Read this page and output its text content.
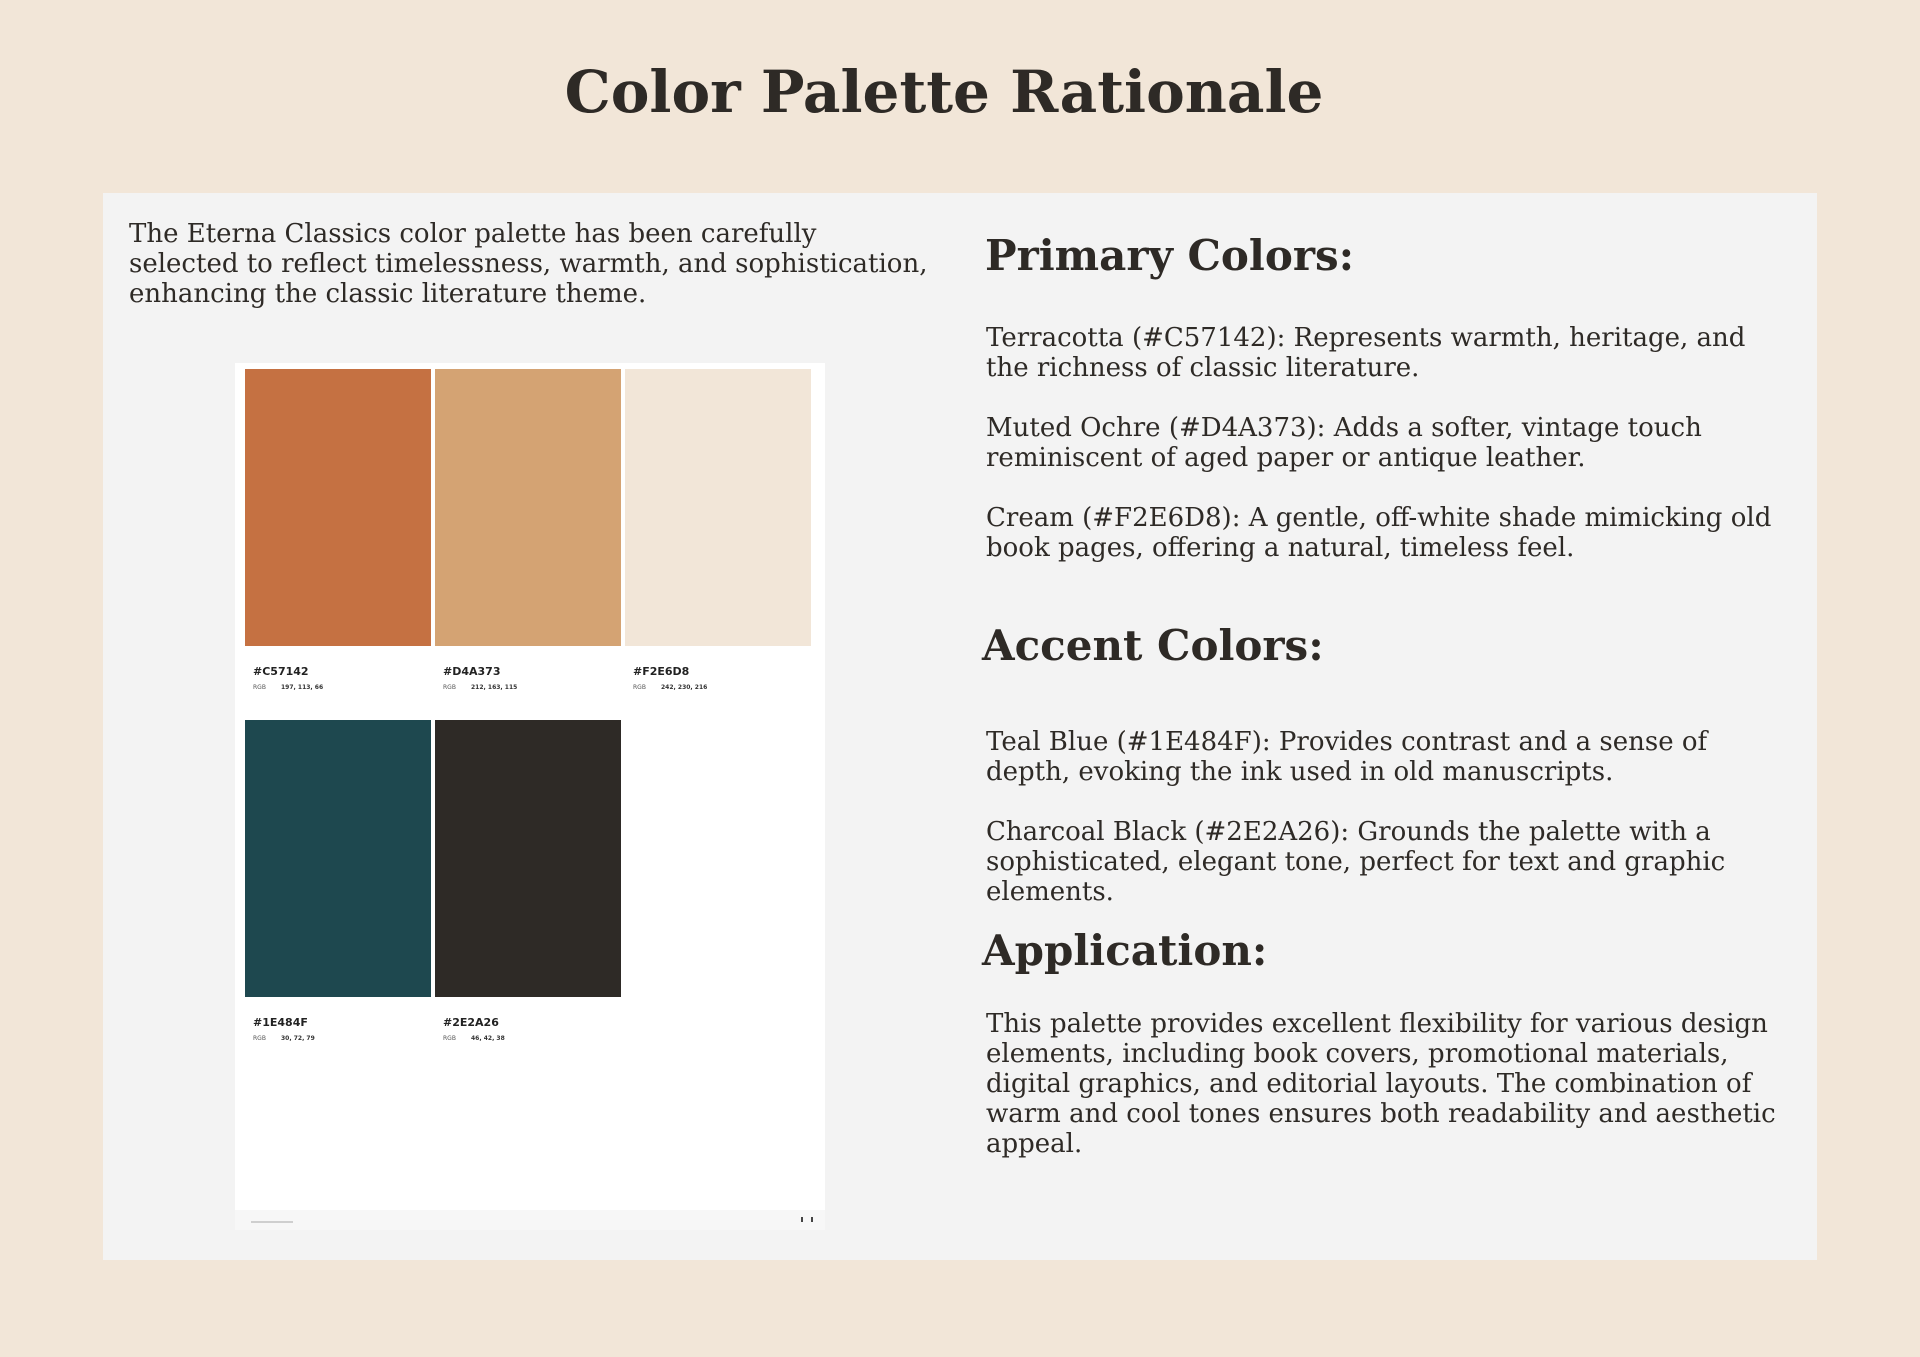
Color Palette Rationale

The Eterna Classics color palette has been carefully selected to reflect timelessness, warmth, and sophistication, enhancing the classic literature theme.

#C57142
RGB	197, 113, 66
#D4A373
RGB	212, 163, 115
#F2E6D8
RGB	242, 230, 216
#1E484F
RGB	30, 72, 79
#2E2A26
RGB	46, 42, 38
Primary Colors:

Terracotta (#C57142): Represents warmth, heritage, and the richness of classic literature.

Muted Ochre (#D4A373): Adds a softer, vintage touch reminiscent of aged paper or antique leather.

Cream (#F2E6D8): A gentle, off-white shade mimicking old book pages, offering a natural, timeless feel.

Accent Colors:

Teal Blue (#1E484F): Provides contrast and a sense of depth, evoking the ink used in old manuscripts.

Charcoal Black (#2E2A26): Grounds the palette with a sophisticated, elegant tone, perfect for text and graphic elements.

Application:

This palette provides excellent flexibility for various design elements, including book covers, promotional materials, digital graphics, and editorial layouts. The combination of warm and cool tones ensures both readability and aesthetic appeal.
